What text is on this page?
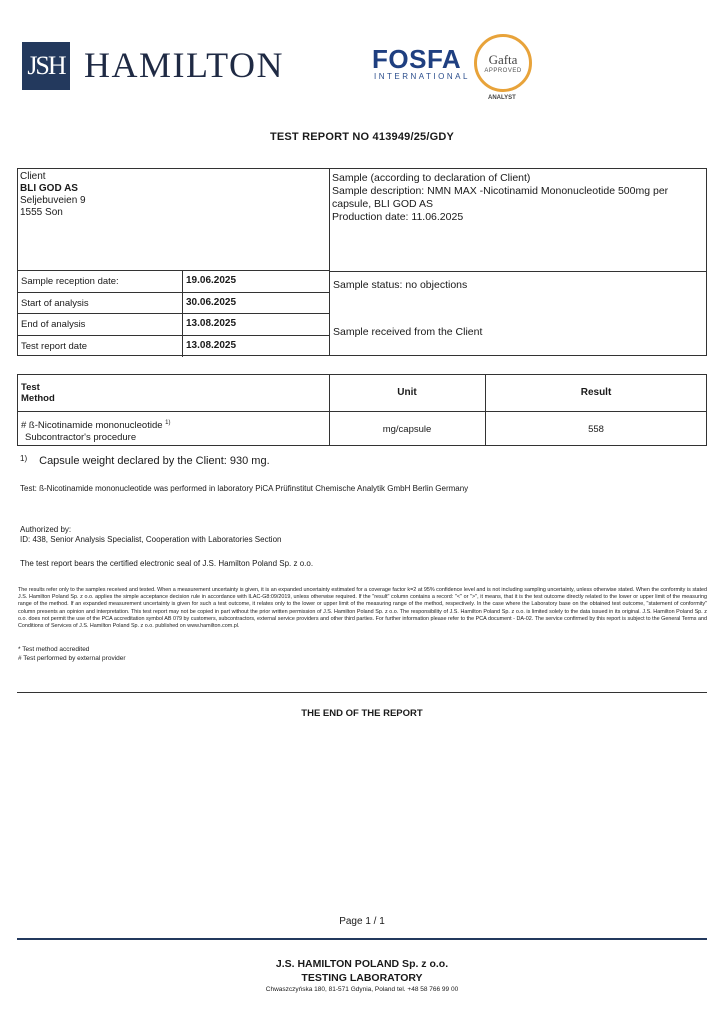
JSH HAMILTON	FOSFA
INTERNATIONAL
Gafta
APPROVED
ANALYST
TEST REPORT NO 413949/25/GDY
Client
BLI GOD AS
Seljebuveien 9
1555 Son
Sample reception date:	19.06.2025
Start of analysis	30.06.2025
End of analysis	13.08.2025
Test report date	13.08.2025
Sample (according to declaration of Client)
Sample description: NMN MAX -Nicotinamid Mononucleotide 500mg per capsule, BLI GOD AS
Production date: 11.06.2025
Sample status: no objections
Sample received from the Client
Test
Method
Unit	Result
# ß-Nicotinamide mononucleotide $^{1)}$
Subcontractor's procedure
mg/capsule	558
$^{1)}$ Capsule weight declared by the Client: 930 mg.
Test: ß-Nicotinamide mononucleotide was performed in laboratory PiCA Prüfinstitut Chemische Analytik GmbH Berlin Germany
Authorized by:
ID: 438, Senior Analysis Specialist, Cooperation with Laboratories Section
The test report bears the certified electronic seal of J.S. Hamilton Poland Sp. z o.o.
The results refer only to the samples received and tested. When a measurement uncertainty is given, it is an expanded uncertainty estimated for a coverage factor k=2 at 95% confidence level and is not including sampling uncertainty, unless otherwise stated. When the conformity is stated J.S. Hamilton Poland Sp. z o.o. applies the simple acceptance decision rule in accordance with ILAC-G8:09/2019, unless otherwise required. If the "result" column contains a record: "<" or ">", it means, that it is the test outcome directly related to the lower or upper limit of the measuring range of the method. If an expanded measurement uncertainty is given for such a test outcome, it relates only to the lower or upper limit of the measuring range of the method, respectively. In the case where the Laboratory base on the obtained test outcome, "statement of conformity" column presents an opinion and interpretation. This test report may not be copied in part without the prior written permission of J.S. Hamilton Poland Sp. z o.o. The responsibility of J.S. Hamilton Poland Sp. z o.o. is limited solely to the data issued in its original. J.S. Hamilton Poland Sp. z o.o. does not permit the use of the PCA accreditation symbol AB 079 by customers, subcontractors, external service providers and other third parties. For further information please refer to the PCA document - DA-02. The service confirmed by this report is subject to the General Terms and Conditions of Services of J.S. Hamilton Poland Sp. z o.o. published on www.hamilton.com.pl.
* Test method accredited
# Test performed by external provider
THE END OF THE REPORT
Page 1 / 1
J.S. HAMILTON POLAND Sp. z o.o.
TESTING LABORATORY
Chwaszczyńska 180, 81-571 Gdynia, Poland tel. +48 58 766 99 00
